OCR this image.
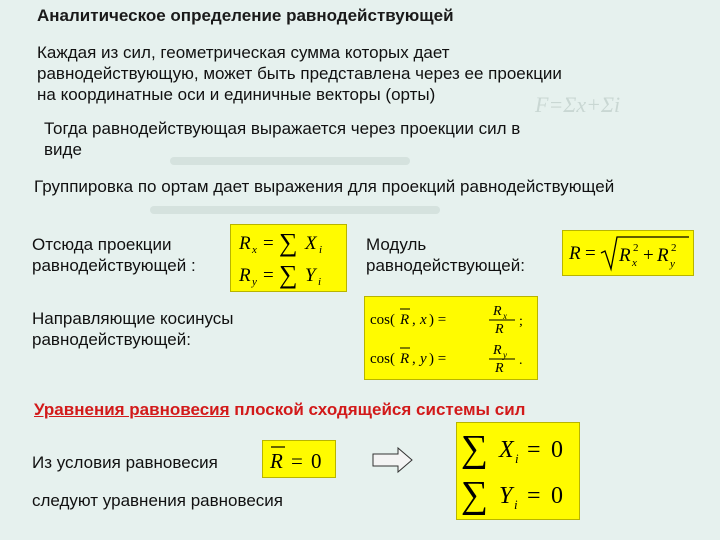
Аналитическое определение равнодействующей
Каждая из сил, геометрическая сумма которых дает
равнодействующую, может быть представлена через ее проекции
на координатные оси и единичные векторы (орты)	F=Σx+Σi
Тогда равнодействующая выражается через проекции сил в
виде
Группировка по ортам дает выражения для проекций равнодействующей
Отсюда проекции
равнодействующей :
R x = ∑ X i
R y = ∑ Y i
Модуль
равнодействующей:
R = R 2
x + R 2
y
Направляющие косинусы
равнодействующей:
cos( R , x ) =
R x
R
;
cos( R , y ) =
R y
R
.
Уравнения равновесия плоской сходящейся системы сил
Из условия равновесия R = 0
следуют уравнения равновесия
∑ X i = 0
∑ Y i = 0
